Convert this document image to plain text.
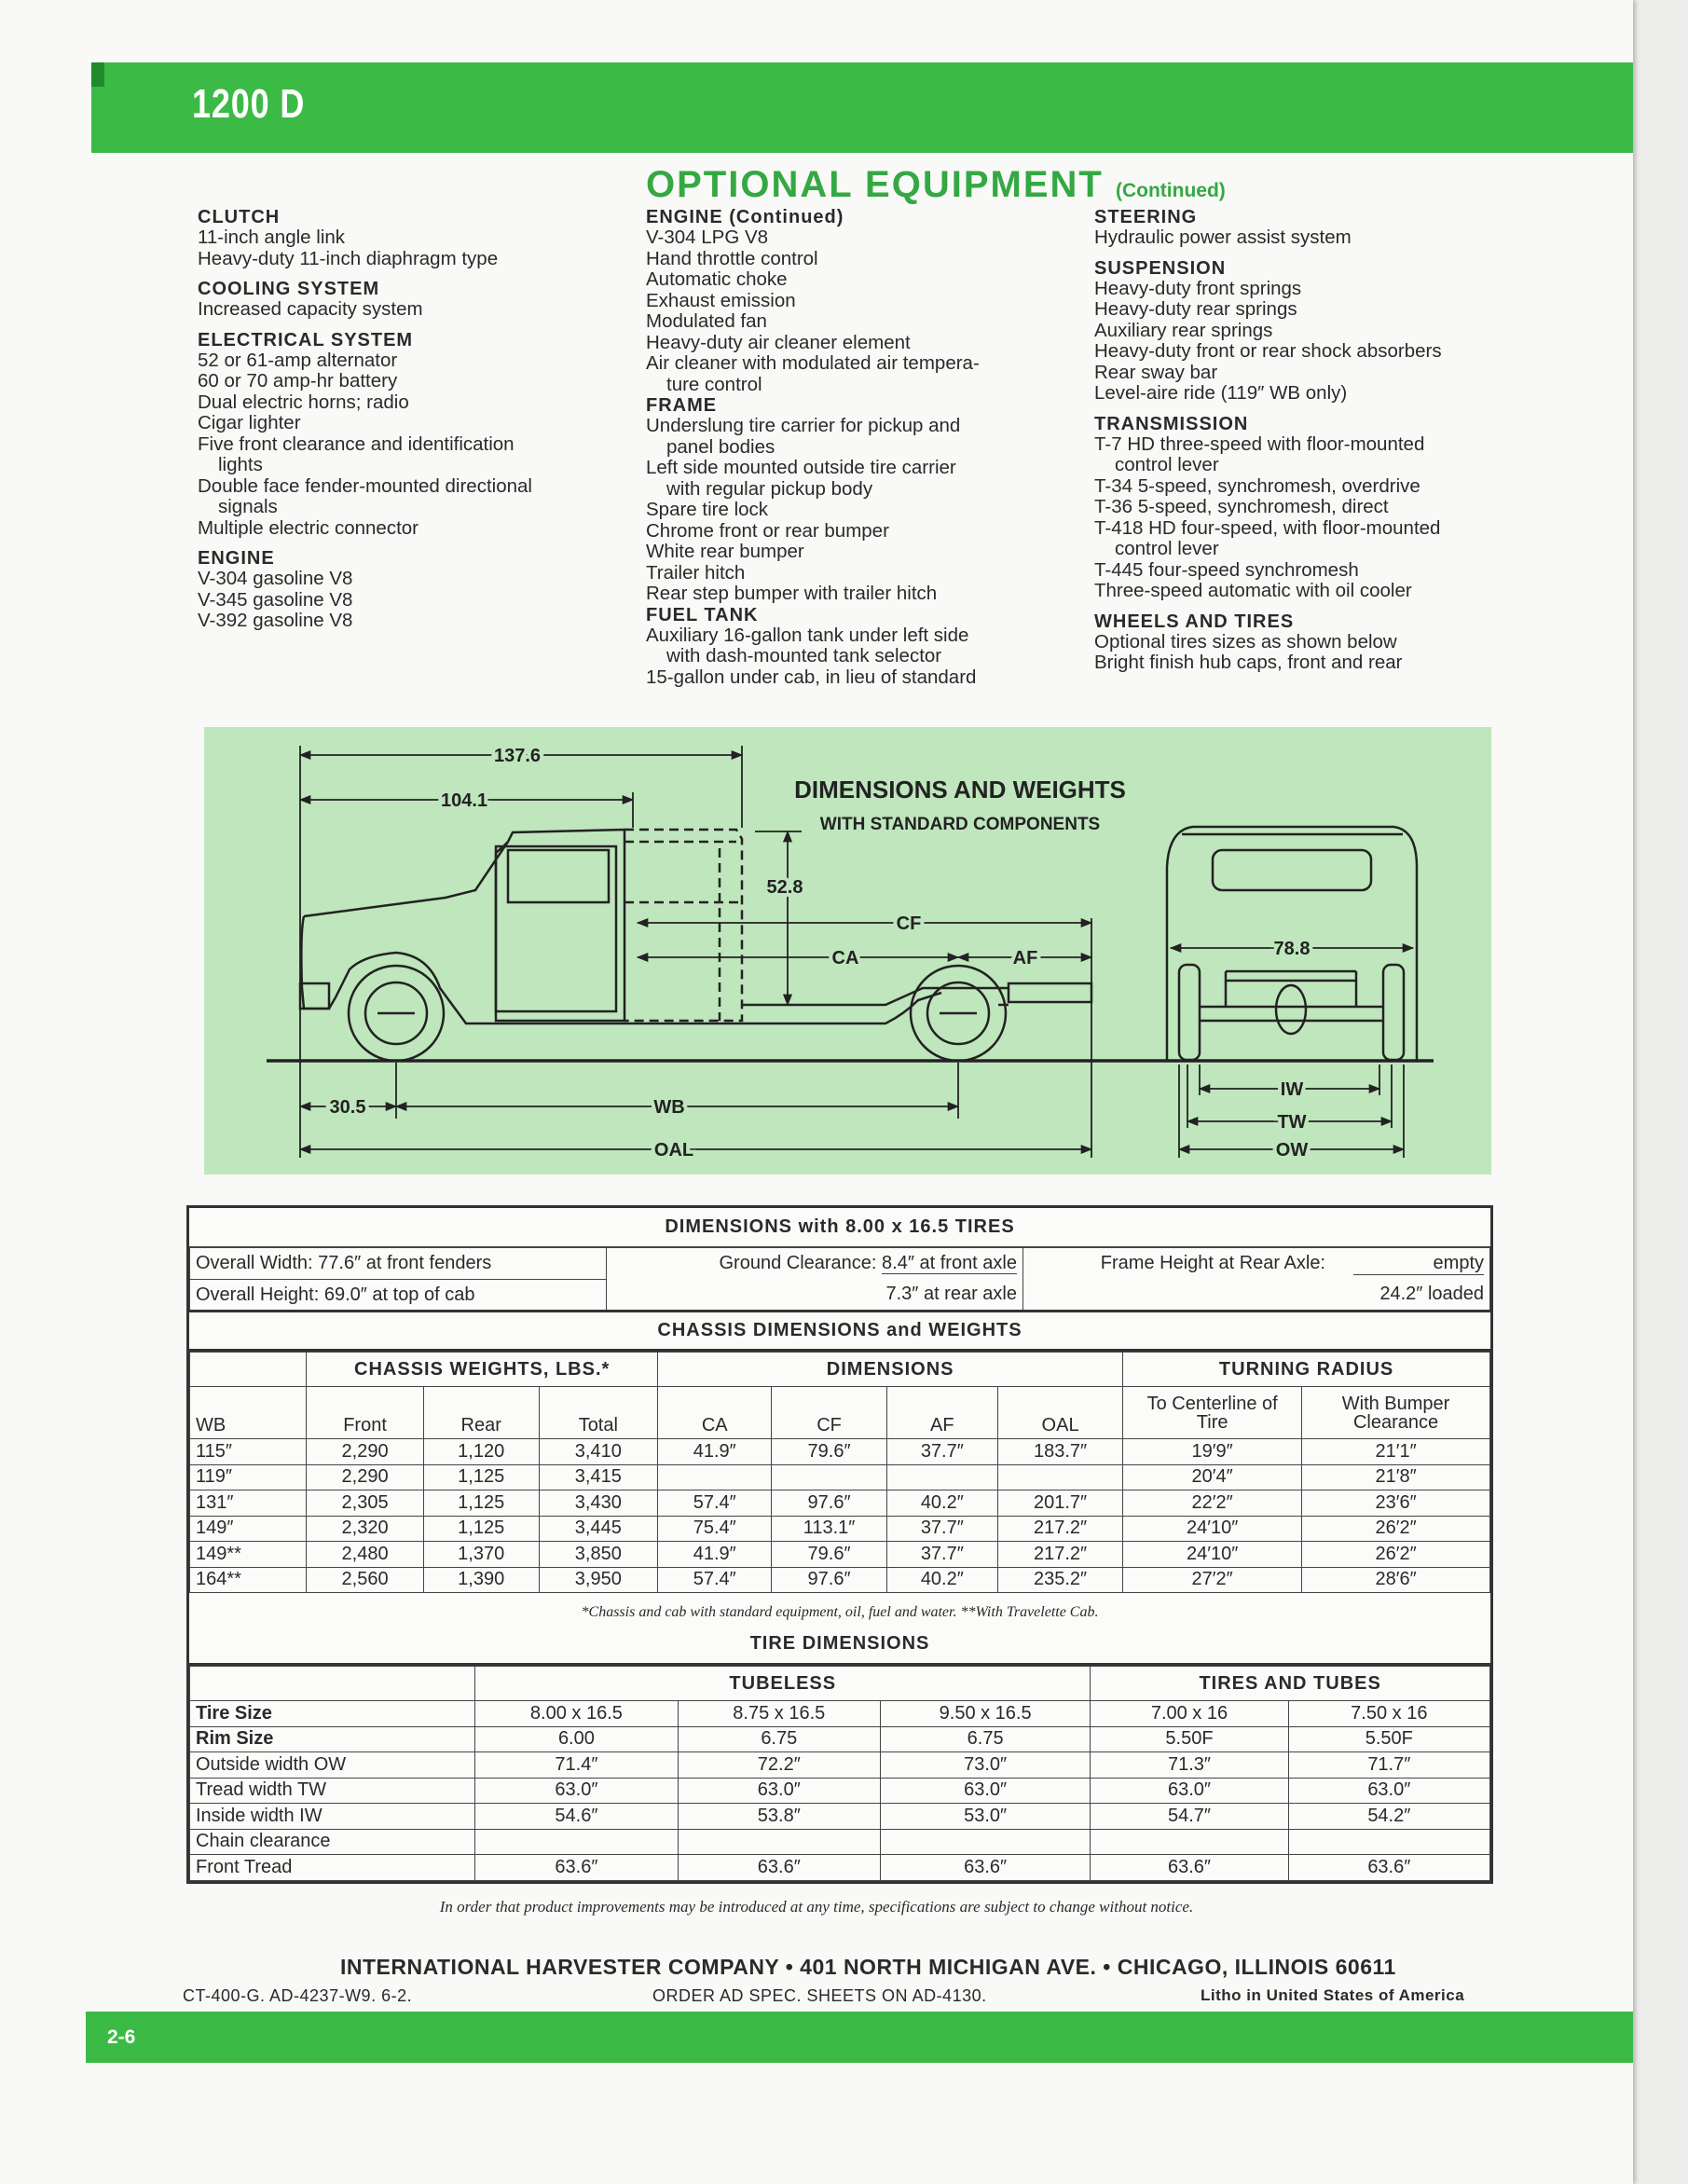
1200 D
OPTIONAL EQUIPMENT (Continued)
CLUTCH
11-inch angle link
Heavy-duty 11-inch diaphragm type
COOLING SYSTEM
Increased capacity system
ELECTRICAL SYSTEM
52 or 61-amp alternator
60 or 70 amp-hr battery
Dual electric horns; radio
Cigar lighter
Five front clearance and identification
lights
Double face fender-mounted directional
signals
Multiple electric connector
ENGINE
V-304 gasoline V8
V-345 gasoline V8
V-392 gasoline V8
ENGINE (Continued)
V-304 LPG V8
Hand throttle control
Automatic choke
Exhaust emission
Modulated fan
Heavy-duty air cleaner element
Air cleaner with modulated air tempera-
ture control
FRAME
Underslung tire carrier for pickup and
panel bodies
Left side mounted outside tire carrier
with regular pickup body
Spare tire lock
Chrome front or rear bumper
White rear bumper
Trailer hitch
Rear step bumper with trailer hitch
FUEL TANK
Auxiliary 16-gallon tank under left side
with dash-mounted tank selector
15-gallon under cab, in lieu of standard
STEERING
Hydraulic power assist system
SUSPENSION
Heavy-duty front springs
Heavy-duty rear springs
Auxiliary rear springs
Heavy-duty front or rear shock absorbers
Rear sway bar
Level-aire ride (119″ WB only)
TRANSMISSION
T-7 HD three-speed with floor-mounted
control lever
T-34 5-speed, synchromesh, overdrive
T-36 5-speed, synchromesh, direct
T-418 HD four-speed, with floor-mounted
control lever
T-445 four-speed synchromesh
Three-speed automatic with oil cooler
WHEELS AND TIRES
Optional tires sizes as shown below
Bright finish hub caps, front and rear
DIMENSIONS AND WEIGHTS
WITH STANDARD COMPONENTS
137.6
104.1
52.8
CF
CA	AF
30.5	WB
OAL
78.8
IW
TW
OW
DIMENSIONS with 8.00 x 16.5 TIRES
Overall Width: 77.6″ at front fenders	Ground Clearance: 8.4″ at front axle	Frame Height at Rear Axle: empty
Overall Height: 69.0″ at top of cab	7.3″ at rear axle	24.2″ loaded
CHASSIS DIMENSIONS and WEIGHTS
	CHASSIS WEIGHTS, LBS.*			DIMENSIONS				TURNING RADIUS	
WB	Front	Rear	Total	CA	CF	AF	OAL	To Centerline of Tire	With Bumper Clearance
115″	2,290	1,120	3,410	41.9″	79.6″	37.7″	183.7″	19′9″	21′1″
119″	2,290	1,125	3,415					20′4″	21′8″
131″	2,305	1,125	3,430	57.4″	97.6″	40.2″	201.7″	22′2″	23′6″
149″	2,320	1,125	3,445	75.4″	113.1″	37.7″	217.2″	24′10″	26′2″
149**	2,480	1,370	3,850	41.9″	79.6″	37.7″	217.2″	24′10″	26′2″
164**	2,560	1,390	3,950	57.4″	97.6″	40.2″	235.2″	27′2″	28′6″
*Chassis and cab with standard equipment, oil, fuel and water. **With Travelette Cab.
TIRE DIMENSIONS
	TUBELESS			TIRES AND TUBES	
Tire Size	8.00 x 16.5	8.75 x 16.5	9.50 x 16.5	7.00 x 16	7.50 x 16
Rim Size	6.00	6.75	6.75	5.50F	5.50F
Outside width OW	71.4″	72.2″	73.0″	71.3″	71.7″
Tread width TW	63.0″	63.0″	63.0″	63.0″	63.0″
Inside width IW	54.6″	53.8″	53.0″	54.7″	54.2″
Chain clearance					
Front Tread	63.6″	63.6″	63.6″	63.6″	63.6″
In order that product improvements may be introduced at any time, specifications are subject to change without notice.
INTERNATIONAL HARVESTER COMPANY • 401 NORTH MICHIGAN AVE. • CHICAGO, ILLINOIS 60611
CT-400-G. AD-4237-W9. 6-2.	ORDER AD SPEC. SHEETS ON AD-4130.	Litho in United States of America
2-6
